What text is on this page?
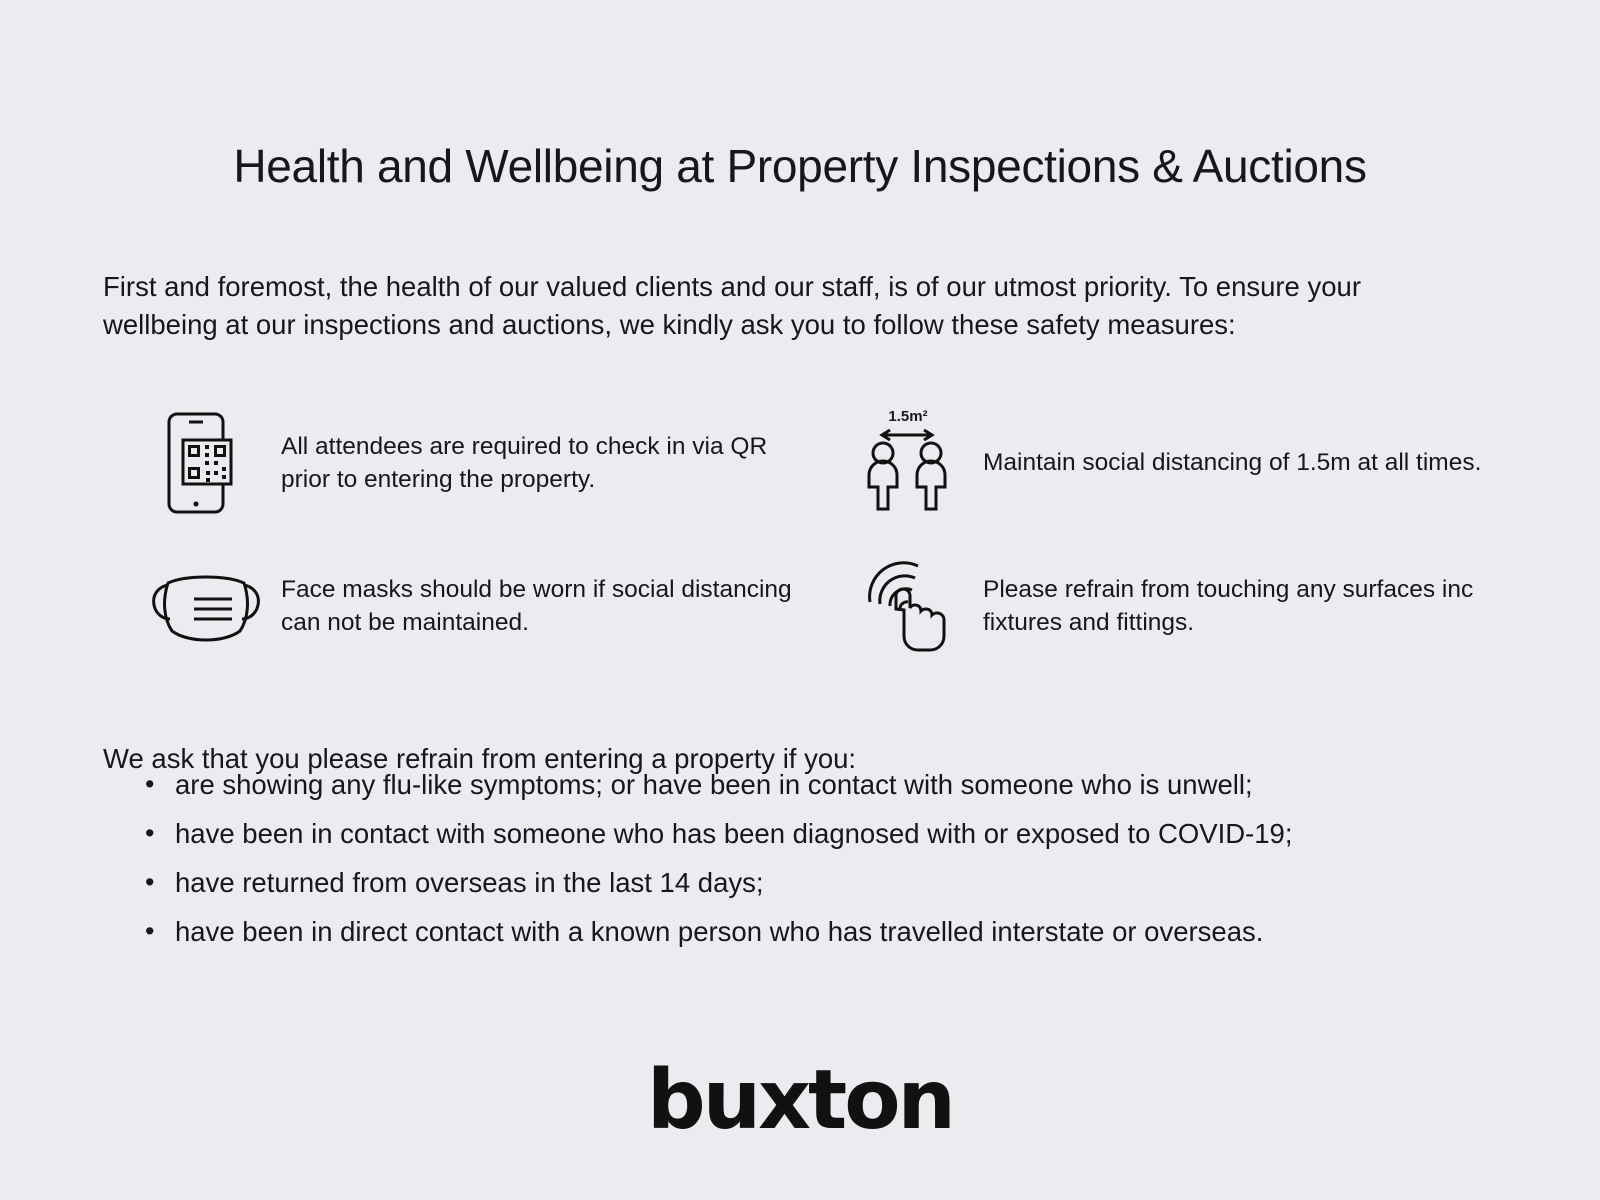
Health and Wellbeing at Property Inspections & Auctions

First and foremost, the health of our valued clients and our staff, is of our utmost priority. To ensure your wellbeing at our inspections and auctions, we kindly ask you to follow these safety measures:

All attendees are required to check in via QR prior to entering the property.
1.5m²
Maintain social distancing of 1.5m at all times.
Face masks should be worn if social distancing can not be maintained.
Please refrain from touching any surfaces inc fixtures and fittings.

We ask that you please refrain from entering a property if you:

• are showing any flu-like symptoms; or have been in contact with someone who is unwell;
• have been in contact with someone who has been diagnosed with or exposed to COVID-19;
• have returned from overseas in the last 14 days;
• have been in direct contact with a known person who has travelled interstate or overseas.
buxton
